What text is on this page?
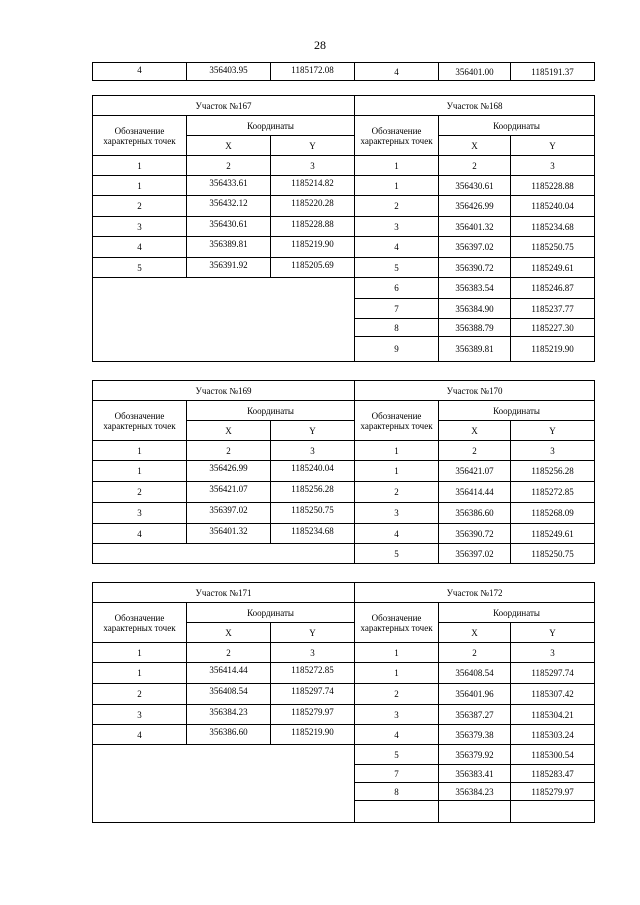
28
4	356403.95	1185172.08	4	356401.00	1185191.37
Участок №167			Участок №168		
Обозначение характерных точек	Координаты		Обозначение характерных точек	Координаты	
	X	Y		X	Y
1	2	3	1	2	3
1	356433.61	1185214.82	1	356430.61	1185228.88
2	356432.12	1185220.28	2	356426.99	1185240.04
3	356430.61	1185228.88	3	356401.32	1185234.68
4	356389.81	1185219.90	4	356397.02	1185250.75
5	356391.92	1185205.69	5	356390.72	1185249.61
			6	356383.54	1185246.87
			7	356384.90	1185237.77
			8	356388.79	1185227.30
			9	356389.81	1185219.90
Участок №169			Участок №170		
Обозначение характерных точек	Координаты		Обозначение характерных точек	Координаты	
	X	Y		X	Y
1	2	3	1	2	3
1	356426.99	1185240.04	1	356421.07	1185256.28
2	356421.07	1185256.28	2	356414.44	1185272.85
3	356397.02	1185250.75	3	356386.60	1185268.09
4	356401.32	1185234.68	4	356390.72	1185249.61
			5	356397.02	1185250.75
Участок №171			Участок №172		
Обозначение характерных точек	Координаты		Обозначение характерных точек	Координаты	
	X	Y		X	Y
1	2	3	1	2	3
1	356414.44	1185272.85	1	356408.54	1185297.74
2	356408.54	1185297.74	2	356401.96	1185307.42
3	356384.23	1185279.97	3	356387.27	1185304.21
4	356386.60	1185219.90	4	356379.38	1185303.24
			5	356379.92	1185300.54
			7	356383.41	1185283.47
			8	356384.23	1185279.97
